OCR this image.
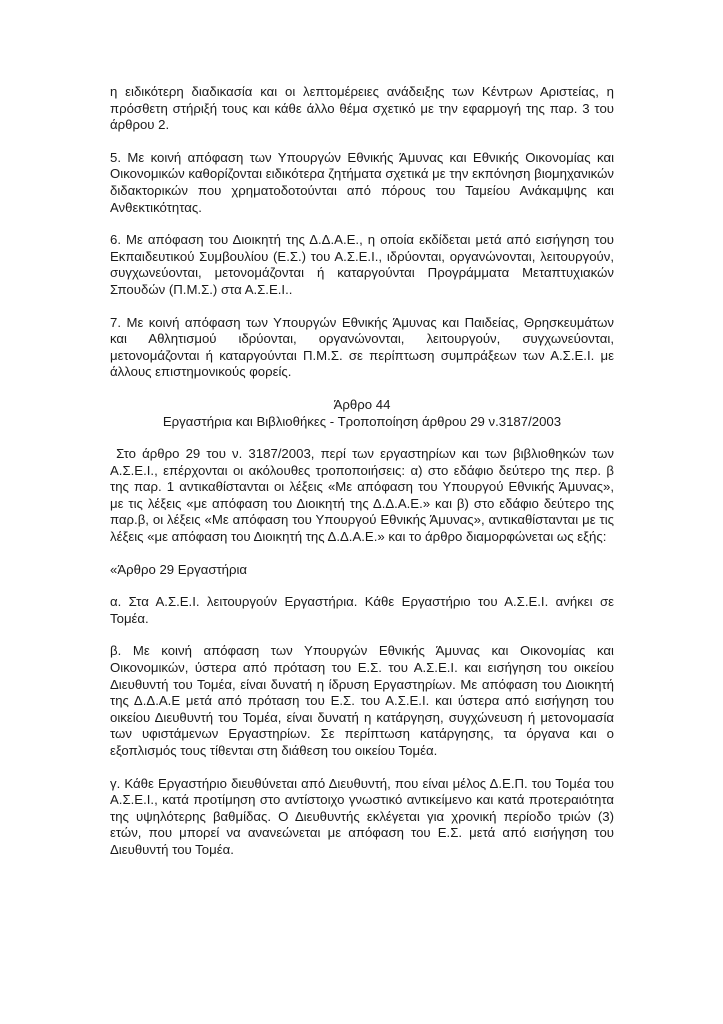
η ειδικότερη διαδικασία και οι λεπτομέρειες ανάδειξης των Κέντρων Αριστείας, η πρόσθετη στήριξή τους και κάθε άλλο θέμα σχετικό με την εφαρμογή της παρ. 3 του άρθρου 2.

5. Με κοινή απόφαση των Υπουργών Εθνικής Άμυνας και Εθνικής Οικονομίας και Οικονομικών καθορίζονται ειδικότερα ζητήματα σχετικά με την εκπόνηση βιομηχανικών διδακτορικών που χρηματοδοτούνται από πόρους του Ταμείου Ανάκαμψης και Ανθεκτικότητας.

6. Με απόφαση του Διοικητή της Δ.Δ.Α.Ε., η οποία εκδίδεται μετά από εισήγηση του Εκπαιδευτικού Συμβουλίου (Ε.Σ.) του Α.Σ.Ε.Ι., ιδρύονται, οργανώνονται, λειτουργούν, συγχωνεύονται, μετονομάζονται ή καταργούνται Προγράμματα Μεταπτυχιακών Σπουδών (Π.Μ.Σ.) στα Α.Σ.Ε.Ι..

7. Με κοινή απόφαση των Υπουργών Εθνικής Άμυνας και Παιδείας, Θρησκευμάτων και Αθλητισμού ιδρύονται, οργανώνονται, λειτουργούν, συγχωνεύονται, μετονομάζονται ή καταργούνται Π.Μ.Σ. σε περίπτωση συμπράξεων των Α.Σ.Ε.Ι. με άλλους επιστημονικούς φορείς.

Άρθρο 44

Εργαστήρια και Βιβλιοθήκες - Τροποποίηση άρθρου 29 ν.3187/2003

Στο άρθρο 29 του ν. 3187/2003, περί των εργαστηρίων και των βιβλιοθηκών των Α.Σ.Ε.Ι., επέρχονται οι ακόλουθες τροποποιήσεις: α) στο εδάφιο δεύτερο της περ. β της παρ. 1 αντικαθίστανται οι λέξεις «Με απόφαση του Υπουργού Εθνικής Άμυνας», με τις λέξεις «με απόφαση του Διοικητή της Δ.Δ.Α.Ε.» και β) στο εδάφιο δεύτερο της παρ.β, οι λέξεις «Με απόφαση του Υπουργού Εθνικής Άμυνας», αντικαθίστανται με τις λέξεις «με απόφαση του Διοικητή της Δ.Δ.Α.Ε.» και το άρθρο διαμορφώνεται ως εξής:

«Άρθρο 29 Εργαστήρια

α. Στα Α.Σ.Ε.Ι. λειτουργούν Εργαστήρια. Κάθε Εργαστήριο του Α.Σ.Ε.Ι. ανήκει σε Τομέα.

β. Με κοινή απόφαση των Υπουργών Εθνικής Άμυνας και Οικονομίας και Οικονομικών, ύστερα από πρόταση του Ε.Σ. του Α.Σ.Ε.Ι. και εισήγηση του οικείου Διευθυντή του Τομέα, είναι δυνατή η ίδρυση Εργαστηρίων. Με απόφαση του Διοικητή της Δ.Δ.Α.Ε μετά από πρόταση του Ε.Σ. του Α.Σ.Ε.Ι. και ύστερα από εισήγηση του οικείου Διευθυντή του Τομέα, είναι δυνατή η κατάργηση, συγχώνευση ή μετονομασία των υφιστάμενων Εργαστηρίων. Σε περίπτωση κατάργησης, τα όργανα και ο εξοπλισμός τους τίθενται στη διάθεση του οικείου Τομέα.

γ. Κάθε Εργαστήριο διευθύνεται από Διευθυντή, που είναι μέλος Δ.Ε.Π. του Τομέα του Α.Σ.Ε.Ι., κατά προτίμηση στο αντίστοιχο γνωστικό αντικείμενο και κατά προτεραιότητα της υψηλότερης βαθμίδας. Ο Διευθυντής εκλέγεται για χρονική περίοδο τριών (3) ετών, που μπορεί να ανανεώνεται με απόφαση του Ε.Σ. μετά από εισήγηση του Διευθυντή του Τομέα.
